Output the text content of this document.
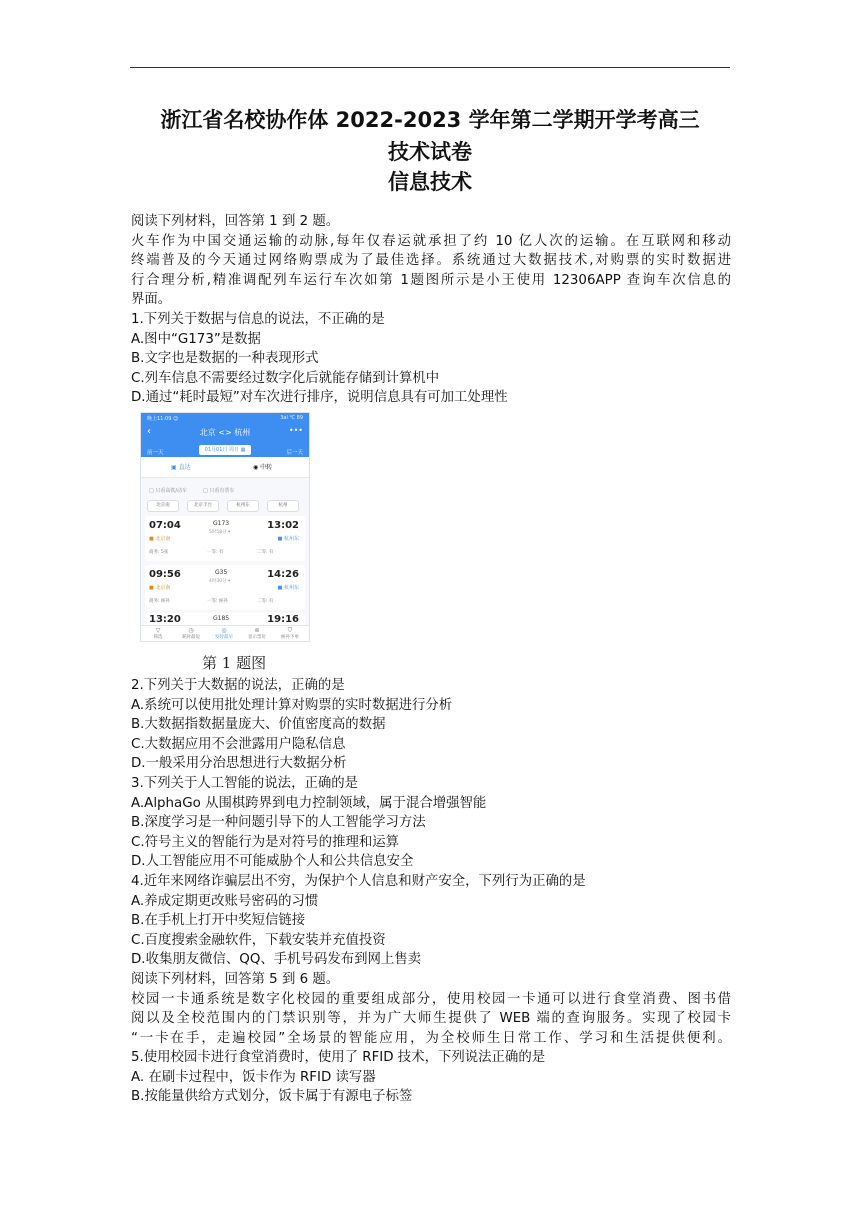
浙江省名校协作体 2022-2023 学年第二学期开学考高三
技术试卷
信息技术
阅读下列材料，回答第 1 到 2 题。
火车作为中国交通运输的动脉,每年仅春运就承担了约 10 亿人次的运输。在互联网和移动
终端普及的今天通过网络购票成为了最佳选择。系统通过大数据技术,对购票的实时数据进
行合理分析,精准调配列车运行车次如第 1题图所示是小王使用 12306APP 查询车次信息的
界面。
1.下列关于数据与信息的说法，不正确的是
A.图中“G173”是数据
B.文字也是数据的一种表现形式
C.列车信息不需要经过数字化后就能存储到计算机中
D.通过“耗时最短”对车次进行排序，说明信息具有可加工处理性
晚上11:09 ☺	3al ℃ 89
‹	北京 <> 杭州	•••
前一天	01月01日 周日 ▦	后一天
▣ 直达	◉ 中转
□ 只看高铁/动车	□ 只看有票车
北京南	北京丰台	杭州东	杭州
07:04	G173
5时58分 ▾
13:02
■ 北京南	■ 杭州东
商务: 5张	一等: 有	二等: 有
09:56	G35
4时30分 ▾
14:26
■ 北京南	■ 杭州东
商务: 候补	一等: 候补	二等: 有
13:20	G185	19:16
▽
筛选
◷
耗时最短
◎
发时最早
⊚
显示票价
⛉
候补下单
第 1 题图
2.下列关于大数据的说法，正确的是
A.系统可以使用批处理计算对购票的实时数据进行分析
B.大数据指数据量庞大、价值密度高的数据
C.大数据应用不会泄露用户隐私信息
D.一般采用分治思想进行大数据分析
3.下列关于人工智能的说法，正确的是
A.AlphaGo 从围棋跨界到电力控制领域，属于混合增强智能
B.深度学习是一种问题引导下的人工智能学习方法
C.符号主义的智能行为是对符号的推理和运算
D.人工智能应用不可能威胁个人和公共信息安全
4.近年来网络诈骗层出不穷，为保护个人信息和财产安全，下列行为正确的是
A.养成定期更改账号密码的习惯
B.在手机上打开中奖短信链接
C.百度搜索金融软件，下载安装并充值投资
D.收集朋友微信、QQ、手机号码发布到网上售卖
阅读下列材料，回答第 5 到 6 题。
校园一卡通系统是数字化校园的重要组成部分，使用校园一卡通可以进行食堂消费、图书借
阅以及全校范围内的门禁识别等，并为广大师生提供了 WEB 端的查询服务。实现了校园卡
“一卡在手，走遍校园”全场景的智能应用，为全校师生日常工作、学习和生活提供便利。
5.使用校园卡进行食堂消费时，使用了 RFID 技术，下列说法正确的是
A. 在刷卡过程中，饭卡作为 RFID 读写器
B.按能量供给方式划分，饭卡属于有源电子标签
